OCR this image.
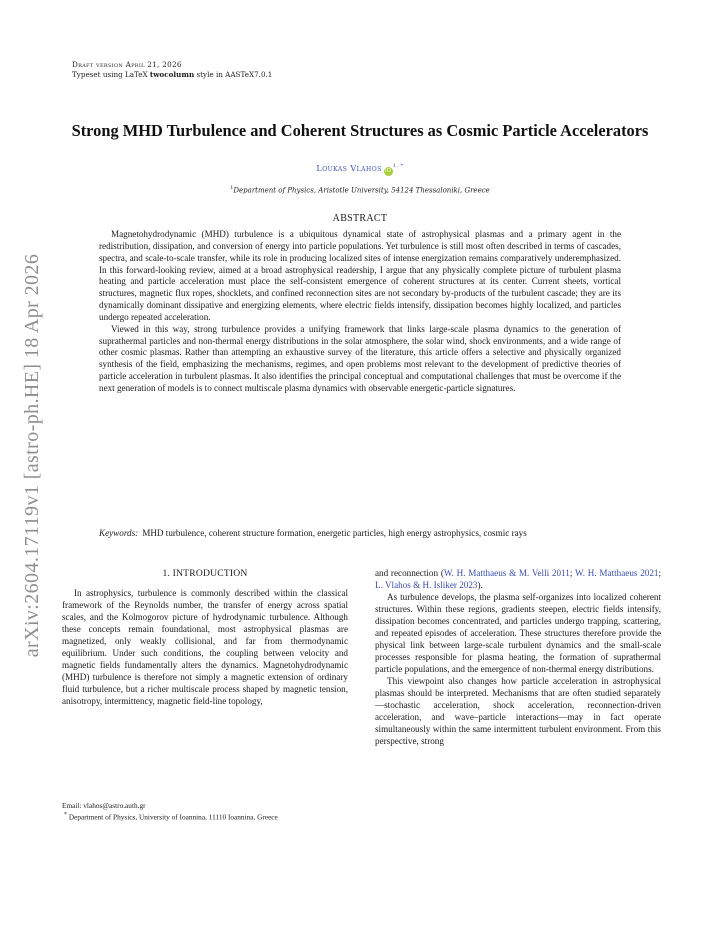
arXiv:2604.17119v1 [astro-ph.HE] 18 Apr 2026
Draft version April 21, 2026
Typeset using LaTeX twocolumn style in AASTeX7.0.1
Strong MHD Turbulence and Coherent Structures as Cosmic Particle Accelerators
Loukas Vlahos $iD^{1, *}$
$^1$Department of Physics, Aristotle University, 54124 Thessaloniki, Greece
ABSTRACT

Magnetohydrodynamic (MHD) turbulence is a ubiquitous dynamical state of astrophysical plasmas and a primary agent in the redistribution, dissipation, and conversion of energy into particle populations. Yet turbulence is still most often described in terms of cascades, spectra, and scale-to-scale transfer, while its role in producing localized sites of intense energization remains comparatively underemphasized. In this forward-looking review, aimed at a broad astrophysical readership, I argue that any physically complete picture of turbulent plasma heating and particle acceleration must place the self-consistent emergence of coherent structures at its center. Current sheets, vortical structures, magnetic flux ropes, shocklets, and confined reconnection sites are not secondary by-products of the turbulent cascade; they are its dynamically dominant dissipative and energizing elements, where electric fields intensify, dissipation becomes highly localized, and particles undergo repeated acceleration.

Viewed in this way, strong turbulence provides a unifying framework that links large-scale plasma dynamics to the generation of suprathermal particles and non-thermal energy distributions in the solar atmosphere, the solar wind, shock environments, and a wide range of other cosmic plasmas. Rather than attempting an exhaustive survey of the literature, this article offers a selective and physically organized synthesis of the field, emphasizing the mechanisms, regimes, and open problems most relevant to the development of predictive theories of particle acceleration in turbulent plasmas. It also identifies the principal conceptual and computational challenges that must be overcome if the next generation of models is to connect multiscale plasma dynamics with observable energetic-particle signatures.

Keywords: MHD turbulence, coherent structure formation, energetic particles, high energy astrophysics, cosmic rays
1. INTRODUCTION

In astrophysics, turbulence is commonly described within the classical framework of the Reynolds number, the transfer of energy across spatial scales, and the Kolmogorov picture of hydrodynamic turbulence. Although these concepts remain foundational, most astrophysical plasmas are magnetized, only weakly collisional, and far from thermodynamic equilibrium. Under such conditions, the coupling between velocity and magnetic fields fundamentally alters the dynamics. Magnetohydrodynamic (MHD) turbulence is therefore not simply a magnetic extension of ordinary fluid turbulence, but a richer multiscale process shaped by magnetic tension, anisotropy, intermittency, magnetic field-line topology,

and reconnection (W. H. Matthaeus & M. Velli 2011; W. H. Matthaeus 2021; L. Vlahos & H. Isliker 2023).

As turbulence develops, the plasma self-organizes into localized coherent structures. Within these regions, gradients steepen, electric fields intensify, dissipation becomes concentrated, and particles undergo trapping, scattering, and repeated episodes of acceleration. These structures therefore provide the physical link between large-scale turbulent dynamics and the small-scale processes responsible for plasma heating, the formation of suprathermal particle populations, and the emergence of non-thermal energy distributions.

This viewpoint also changes how particle acceleration in astrophysical plasmas should be interpreted. Mechanisms that are often studied separately—stochastic acceleration, shock acceleration, reconnection-driven acceleration, and wave–particle interactions—may in fact operate simultaneously within the same intermittent turbulent environment. From this perspective, strong

Email: vlahos@astro.auth.gr
* Department of Physics, University of Ioannina, 11110 Ioannina, Greece
